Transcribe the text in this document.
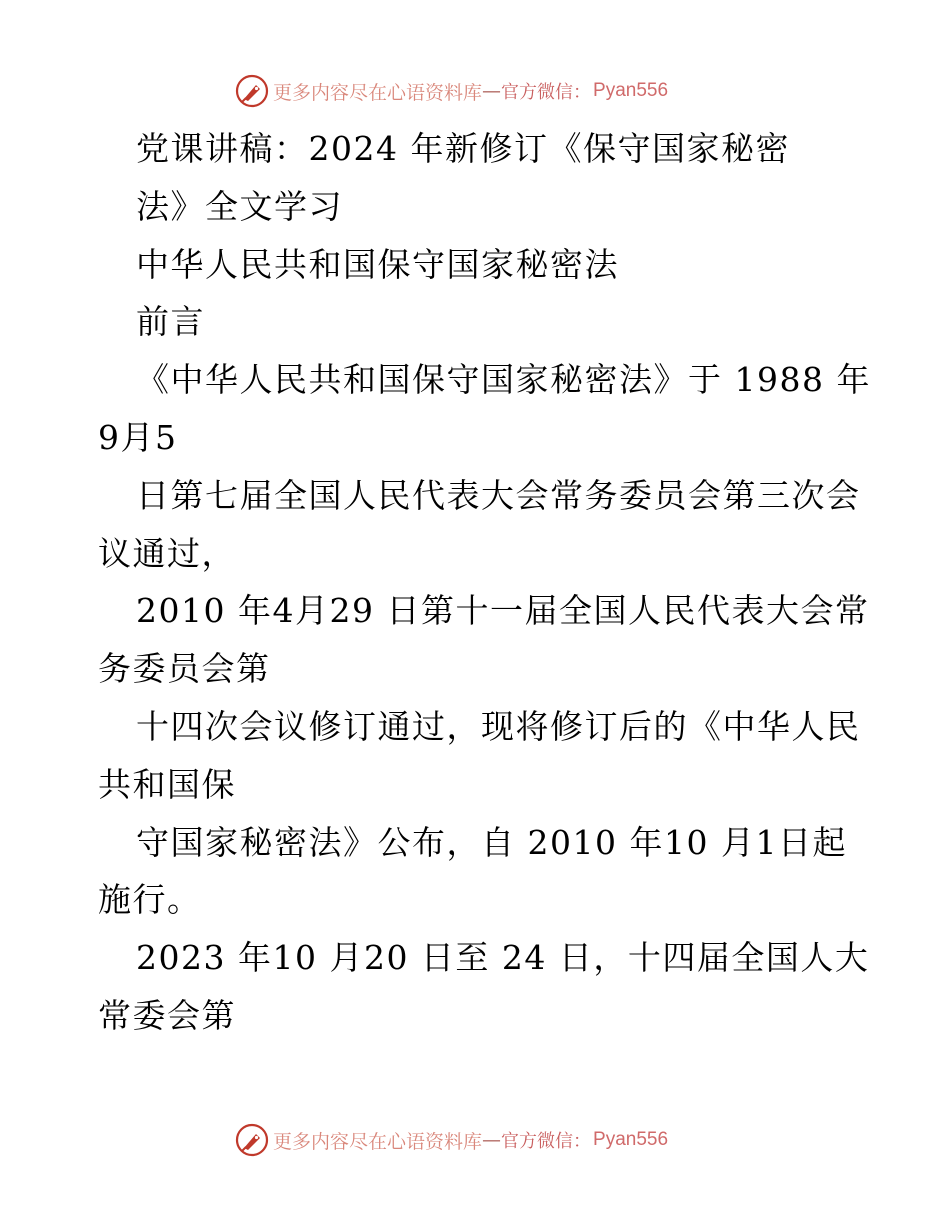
更多内容尽在心语资料库 — 官方微信： Pyan556
党课讲稿：2024 年新修订《保守国家秘密
法》全文学习
中华人民共和国保守国家秘密法
前言
《中华人民共和国保守国家秘密法》于 1988 年
9月5
日第七届全国人民代表大会常务委员会第三次会
议通过，
2010 年4月29 日第十一届全国人民代表大会常
务委员会第
十四次会议修订通过，现将修订后的《中华人民
共和国保
守国家秘密法》公布，自 2010 年10 月1日起
施行。
2023 年10 月20 日至 24 日，十四届全国人大
常委会第
更多内容尽在心语资料库 — 官方微信： Pyan556
